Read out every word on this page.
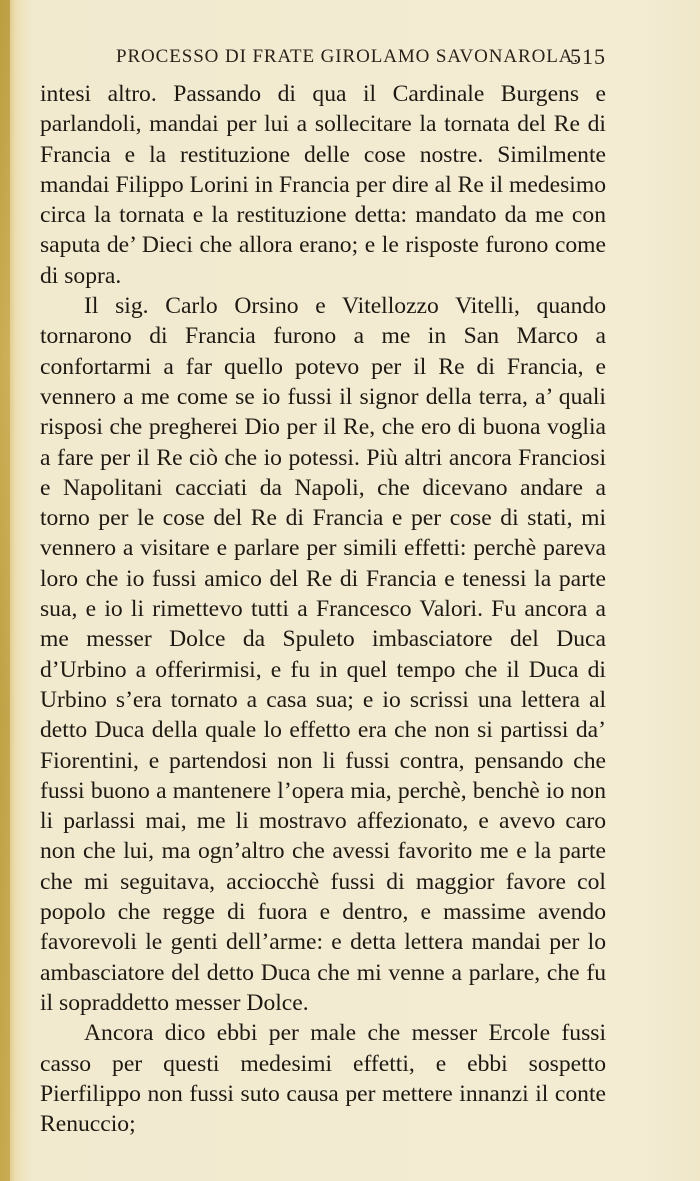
PROCESSO DI FRATE GIROLAMO SAVONAROLA.
515

intesi altro. Passando di qua il Cardinale Burgens e parlandoli, mandai per lui a sollecitare la tornata del Re di Francia e la restituzione delle cose nostre. Similmente mandai Filippo Lorini in Francia per dire al Re il medesimo circa la tornata e la restituzione detta: mandato da me con saputa de’ Dieci che allora erano; e le risposte furono come di sopra.

Il sig. Carlo Orsino e Vitellozzo Vitelli, quando tornarono di Francia furono a me in San Marco a confortarmi a far quello potevo per il Re di Francia, e vennero a me come se io fussi il signor della terra, a’ quali risposi che pregherei Dio per il Re, che ero di buona voglia a fare per il Re ciò che io potessi. Più altri ancora Franciosi e Napolitani cacciati da Napoli, che dicevano andare a torno per le cose del Re di Francia e per cose di stati, mi vennero a visitare e parlare per simili effetti: perchè pareva loro che io fussi amico del Re di Francia e tenessi la parte sua, e io li rimettevo tutti a Francesco Valori. Fu ancora a me messer Dolce da Spuleto imbasciatore del Duca d’Urbino a offerirmisi, e fu in quel tempo che il Duca di Urbino s’era tornato a casa sua; e io scrissi una lettera al detto Duca della quale lo effetto era che non si partissi da’ Fiorentini, e partendosi non li fussi contra, pensando che fussi buono a mantenere l’opera mia, perchè, benchè io non li parlassi mai, me li mostravo affezionato, e avevo caro non che lui, ma ogn’altro che avessi favorito me e la parte che mi seguitava, acciocchè fussi di maggior favore col popolo che regge di fuora e dentro, e massime avendo favorevoli le genti dell’arme: e detta lettera mandai per lo ambasciatore del detto Duca che mi venne a parlare, che fu il sopraddetto messer Dolce.

Ancora dico ebbi per male che messer Ercole fussi casso per questi medesimi effetti, e ebbi sospetto Pierfilippo non fussi suto causa per mettere innanzi il conte Renuccio;
